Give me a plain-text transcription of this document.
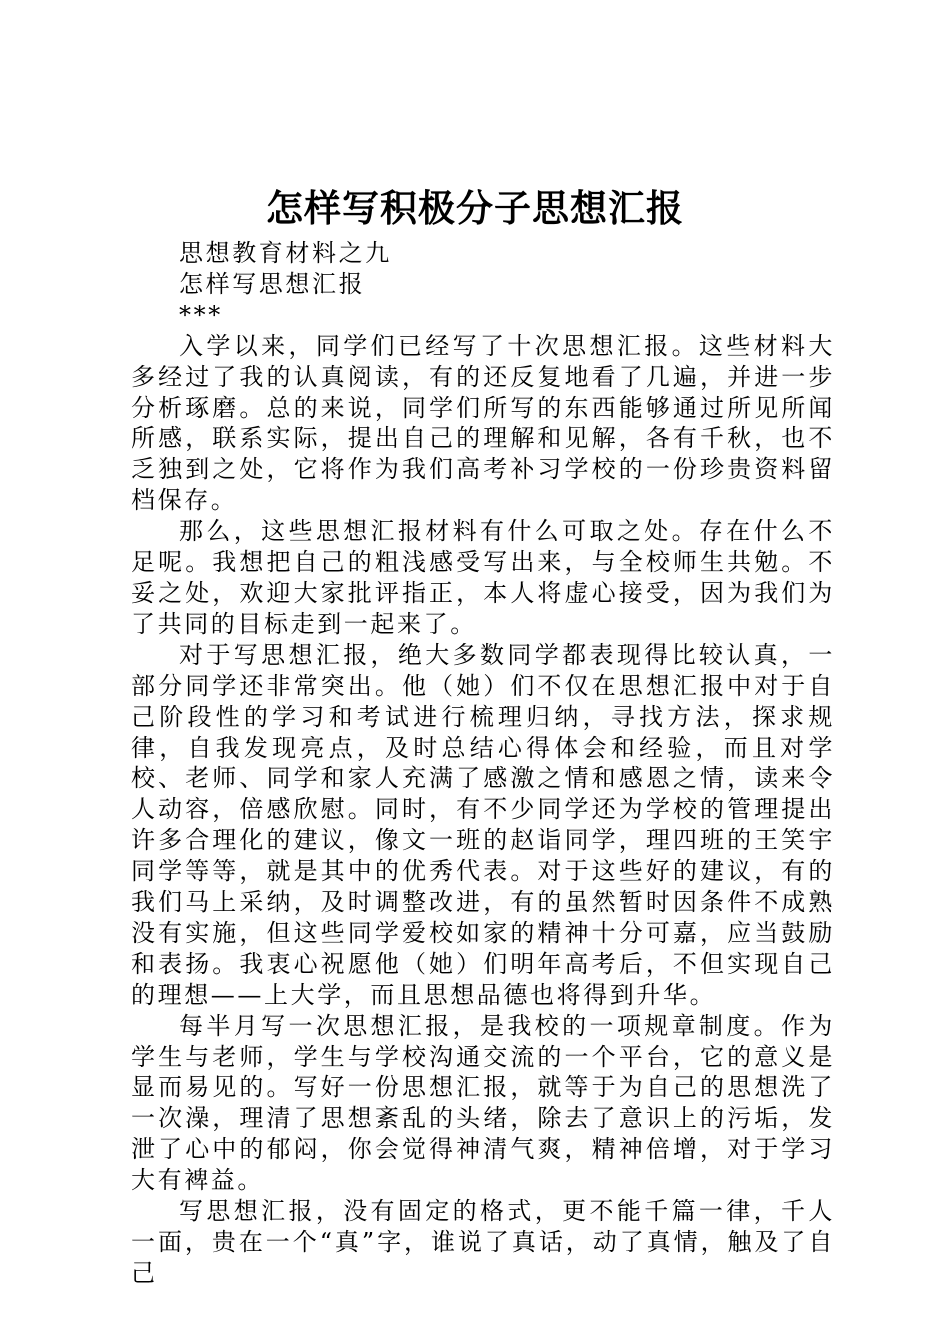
怎样写积极分子思想汇报

思想教育材料之九

怎样写思想汇报

***

入学以来，同学们已经写了十次思想汇报。这些材料大多经过了我的认真阅读，有的还反复地看了几遍，并进一步分析琢磨。总的来说，同学们所写的东西能够通过所见所闻所感，联系实际，提出自己的理解和见解，各有千秋，也不乏独到之处，它将作为我们高考补习学校的一份珍贵资料留档保存。

那么，这些思想汇报材料有什么可取之处。存在什么不足呢。我想把自己的粗浅感受写出来，与全校师生共勉。不妥之处，欢迎大家批评指正，本人将虚心接受，因为我们为了共同的目标走到一起来了。

对于写思想汇报，绝大多数同学都表现得比较认真，一部分同学还非常突出。他（她）们不仅在思想汇报中对于自己阶段性的学习和考试进行梳理归纳，寻找方法，探求规律，自我发现亮点，及时总结心得体会和经验，而且对学校、老师、同学和家人充满了感激之情和感恩之情，读来令人动容，倍感欣慰。同时，有不少同学还为学校的管理提出许多合理化的建议，像文一班的赵诣同学，理四班的王笑宇同学等等，就是其中的优秀代表。对于这些好的建议，有的我们马上采纳，及时调整改进，有的虽然暂时因条件不成熟没有实施，但这些同学爱校如家的精神十分可嘉，应当鼓励和表扬。我衷心祝愿他（她）们明年高考后，不但实现自己的理想——上大学，而且思想品德也将得到升华。

每半月写一次思想汇报，是我校的一项规章制度。作为学生与老师，学生与学校沟通交流的一个平台，它的意义是显而易见的。写好一份思想汇报，就等于为自己的思想洗了一次澡，理清了思想紊乱的头绪，除去了意识上的污垢，发泄了心中的郁闷，你会觉得神清气爽，精神倍增，对于学习大有裨益。

写思想汇报，没有固定的格式，更不能千篇一律，千人一面，贵在一个“真”字，谁说了真话，动了真情，触及了自己
